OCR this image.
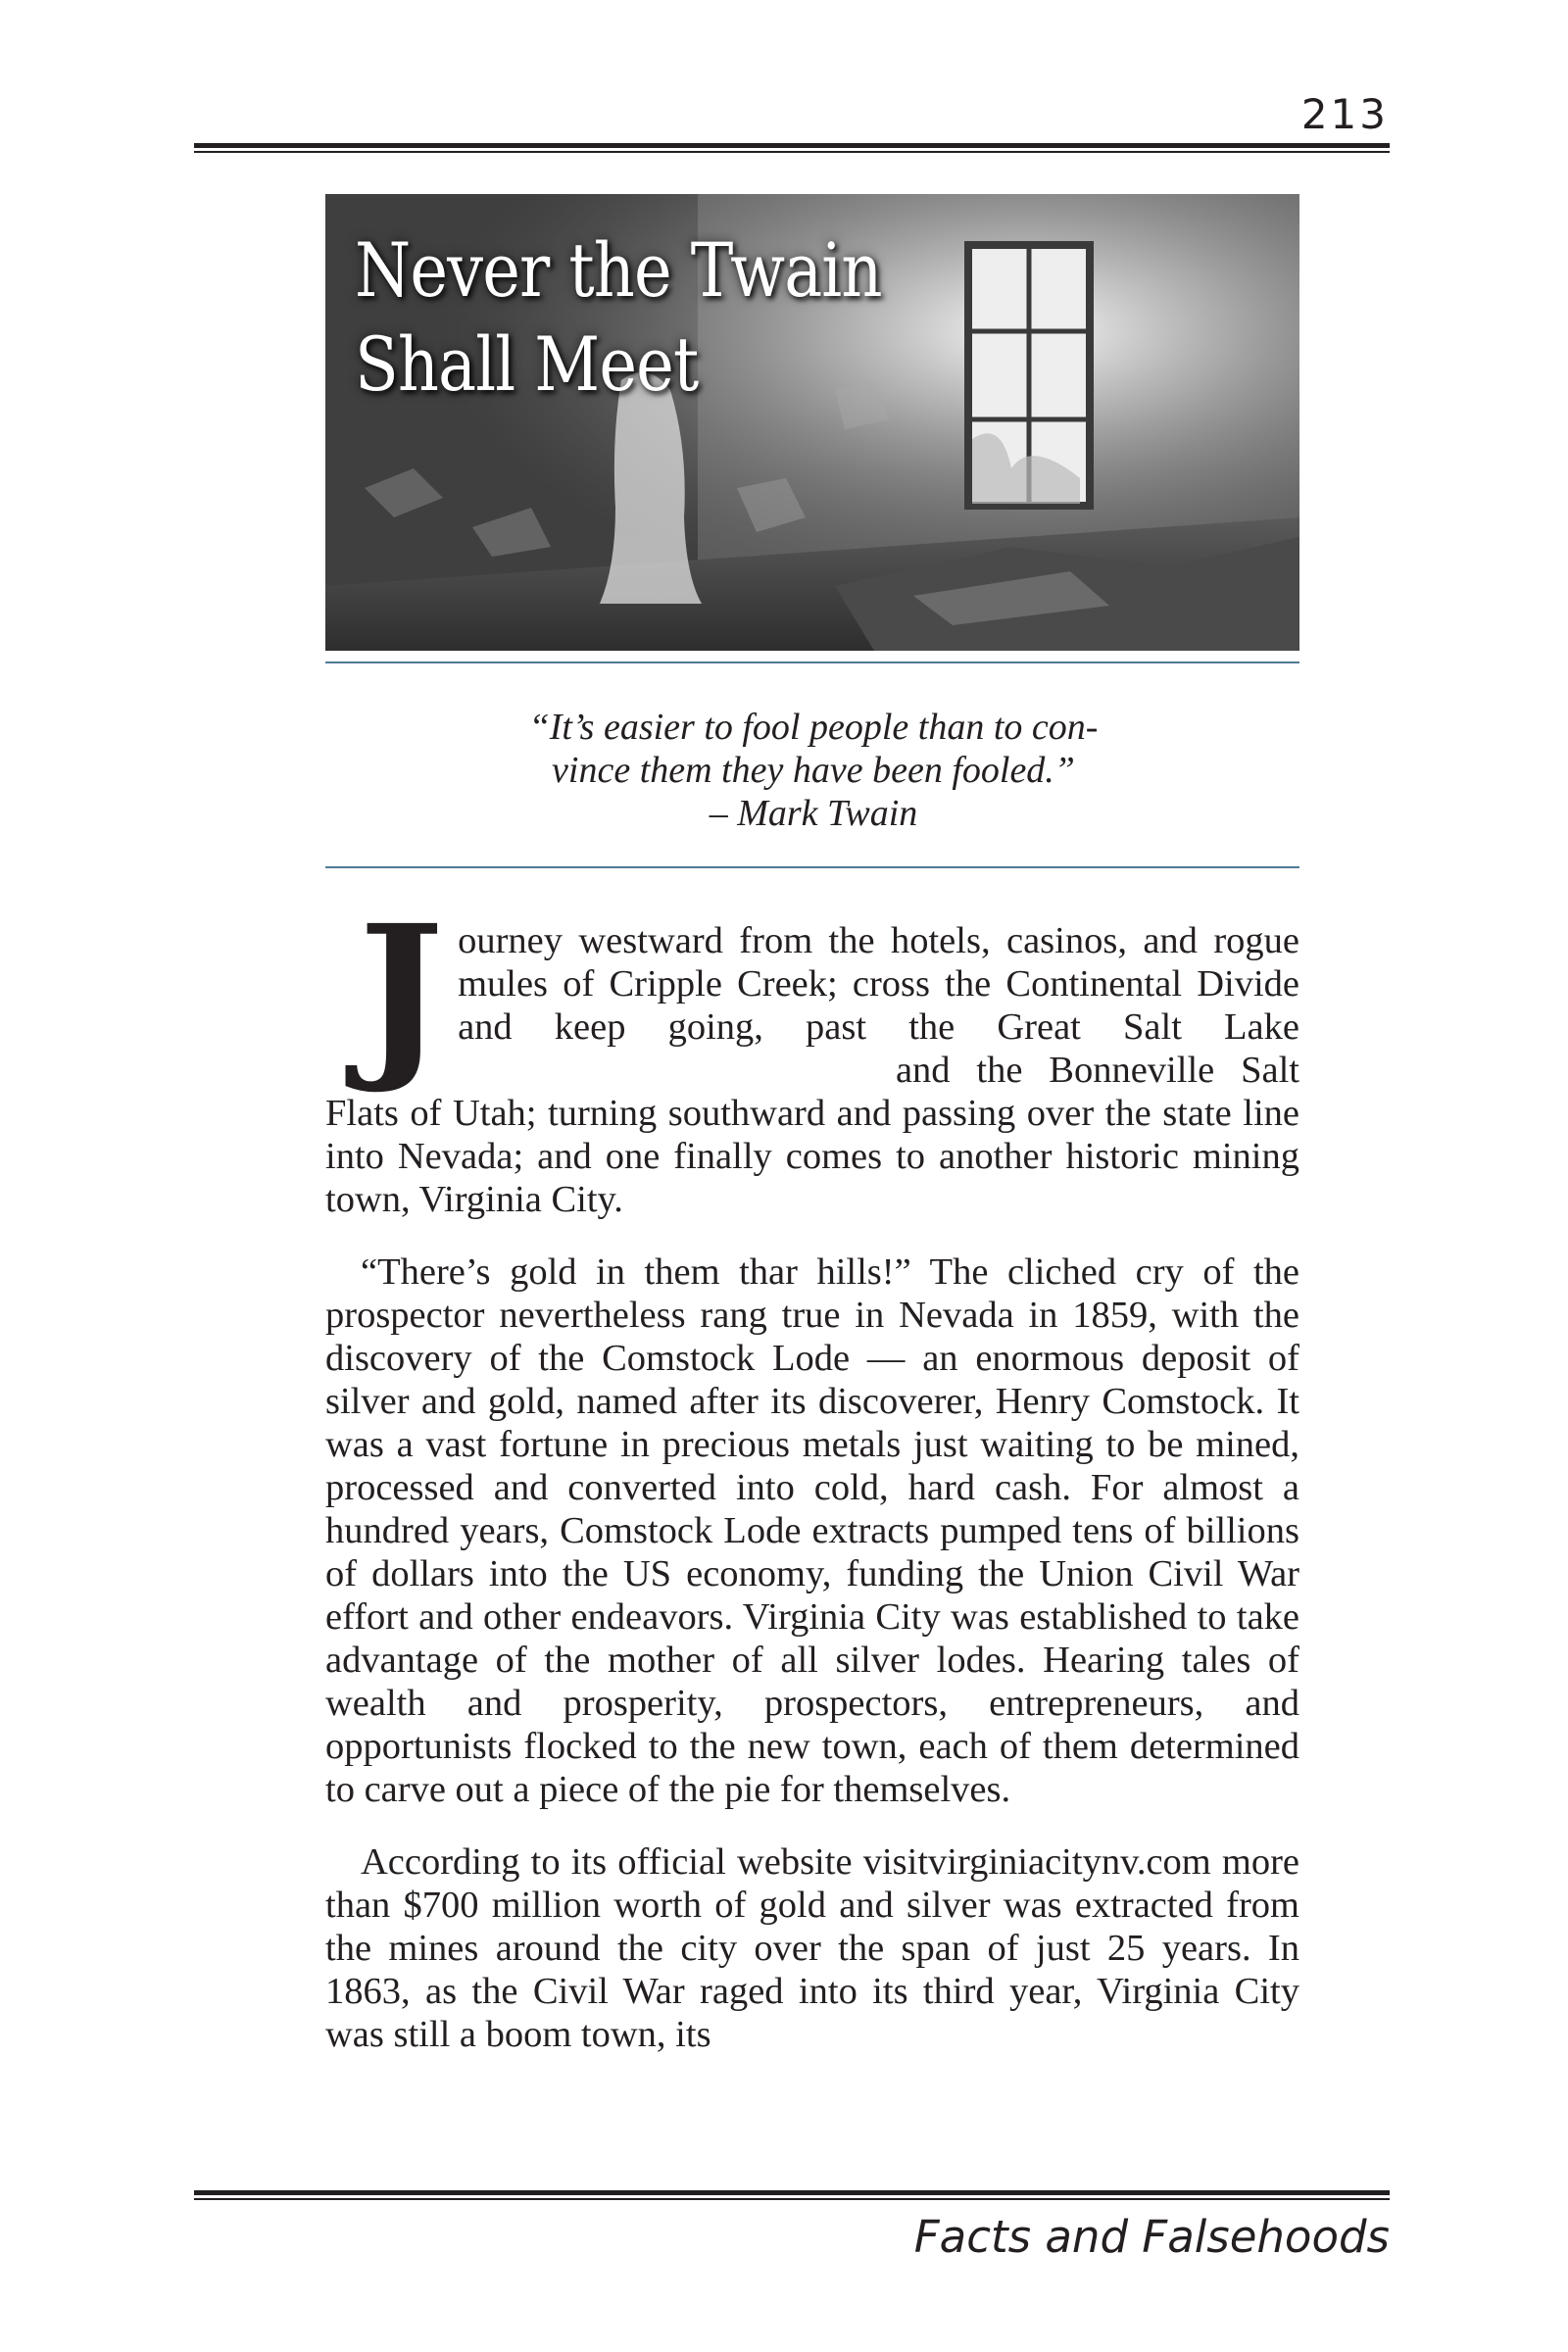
213
Never the Twain
Shall Meet
“It’s easier to fool people than to con-
vince them they have been fooled.”
– Mark Twain

Journey westward from the hotels, casinos, and rogue mules of Cripple Creek; cross the Continental Divide and keep going, past the Great Salt Lake  and the Bonneville Salt Flats of Utah; turning southward and passing over the state line into Nevada; and one finally comes to another historic mining town, Virginia City.

“There’s gold in them thar hills!” The cliched cry of the prospector nevertheless rang true in Nevada in 1859, with the discovery of the Comstock Lode — an enormous deposit of silver and gold, named after its discoverer, Henry Comstock. It was a vast fortune in precious metals just waiting to be mined, processed and converted into cold, hard cash. For almost a hundred years, Comstock Lode extracts pumped tens of billions of dollars into the US economy, funding the Union Civil War effort and other endeavors. Virginia City was established to take advantage of the mother of all silver lodes. Hearing tales of wealth and prosperity, prospectors, entrepreneurs, and opportunists flocked to the new town, each of them determined to carve out a piece of the pie for themselves.

According to its official website visitvirginiacitynv.com more than $700 million worth of gold and silver was extracted from the mines around the city over the span of just 25 years. In 1863, as the Civil War raged into its third year, Virginia City was still a boom town, its

Facts and Falsehoods
